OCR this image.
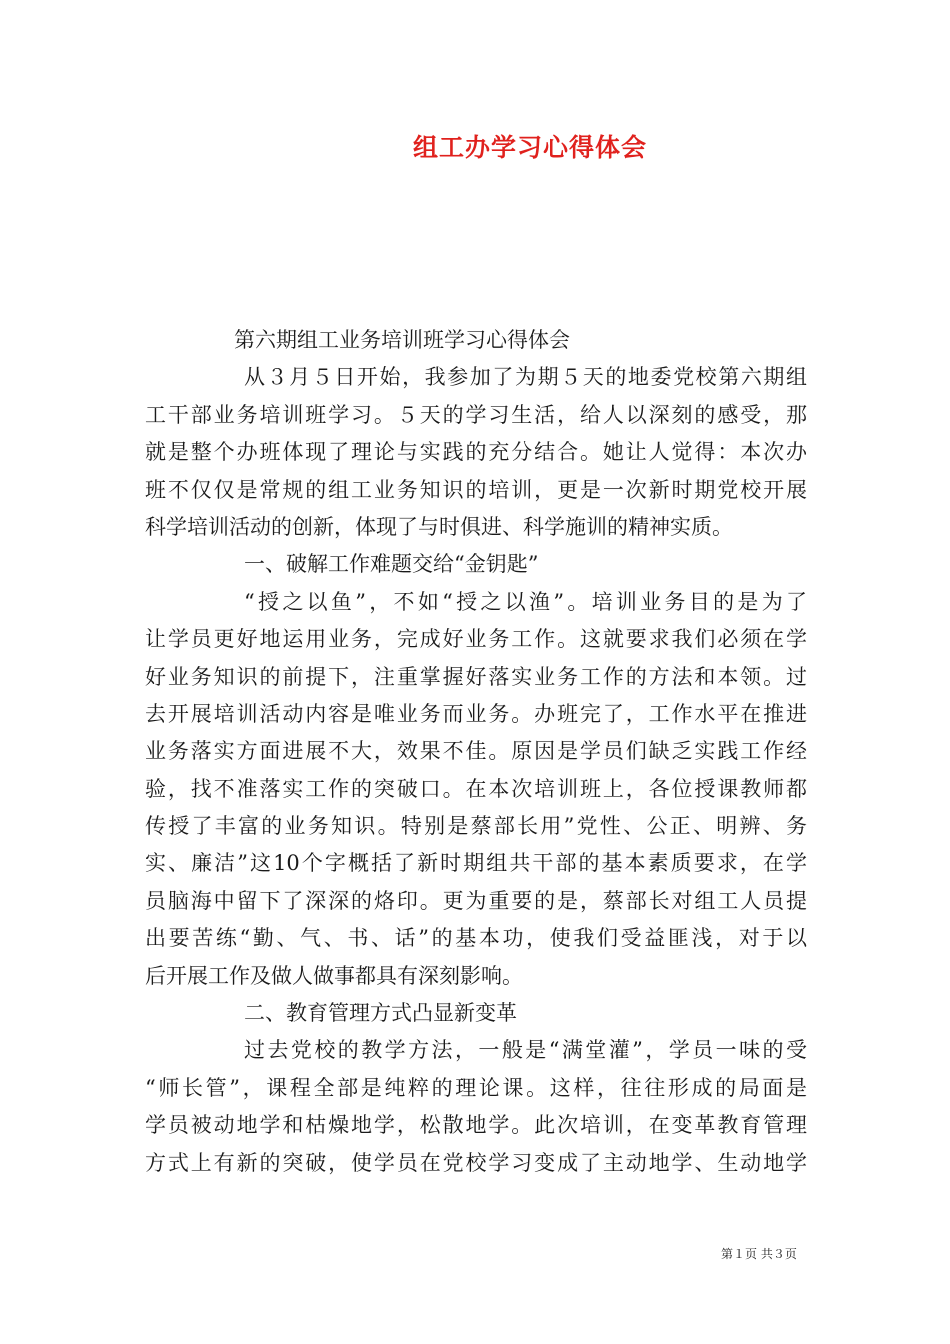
组工办学习心得体会
第六期组工业务培训班学习心得体会
从３月５日开始，我参加了为期５天的地委党校第六期组
工干部业务培训班学习。５天的学习生活，给人以深刻的感受，那
就是整个办班体现了理论与实践的充分结合。她让人觉得：本次办
班不仅仅是常规的组工业务知识的培训，更是一次新时期党校开展
科学培训活动的创新，体现了与时俱进、科学施训的精神实质。
一、破解工作难题交给“金钥匙”
“授之以鱼”，不如“授之以渔”。培训业务目的是为了
让学员更好地运用业务，完成好业务工作。这就要求我们必须在学
好业务知识的前提下，注重掌握好落实业务工作的方法和本领。过
去开展培训活动内容是唯业务而业务。办班完了，工作水平在推进
业务落实方面进展不大，效果不佳。原因是学员们缺乏实践工作经
验，找不准落实工作的突破口。在本次培训班上，各位授课教师都
传授了丰富的业务知识。特别是蔡部长用”党性、公正、明辨、务
实、廉洁”这10个字概括了新时期组共干部的基本素质要求，在学
员脑海中留下了深深的烙印。更为重要的是，蔡部长对组工人员提
出要苦练“勤、气、书、话”的基本功，使我们受益匪浅，对于以
后开展工作及做人做事都具有深刻影响。
二、教育管理方式凸显新变革
过去党校的教学方法，一般是“满堂灌”，学员一味的受
“师长管”，课程全部是纯粹的理论课。这样，往往形成的局面是
学员被动地学和枯燥地学，松散地学。此次培训，在变革教育管理
方式上有新的突破，使学员在党校学习变成了主动地学、生动地学
第１页 共３页
